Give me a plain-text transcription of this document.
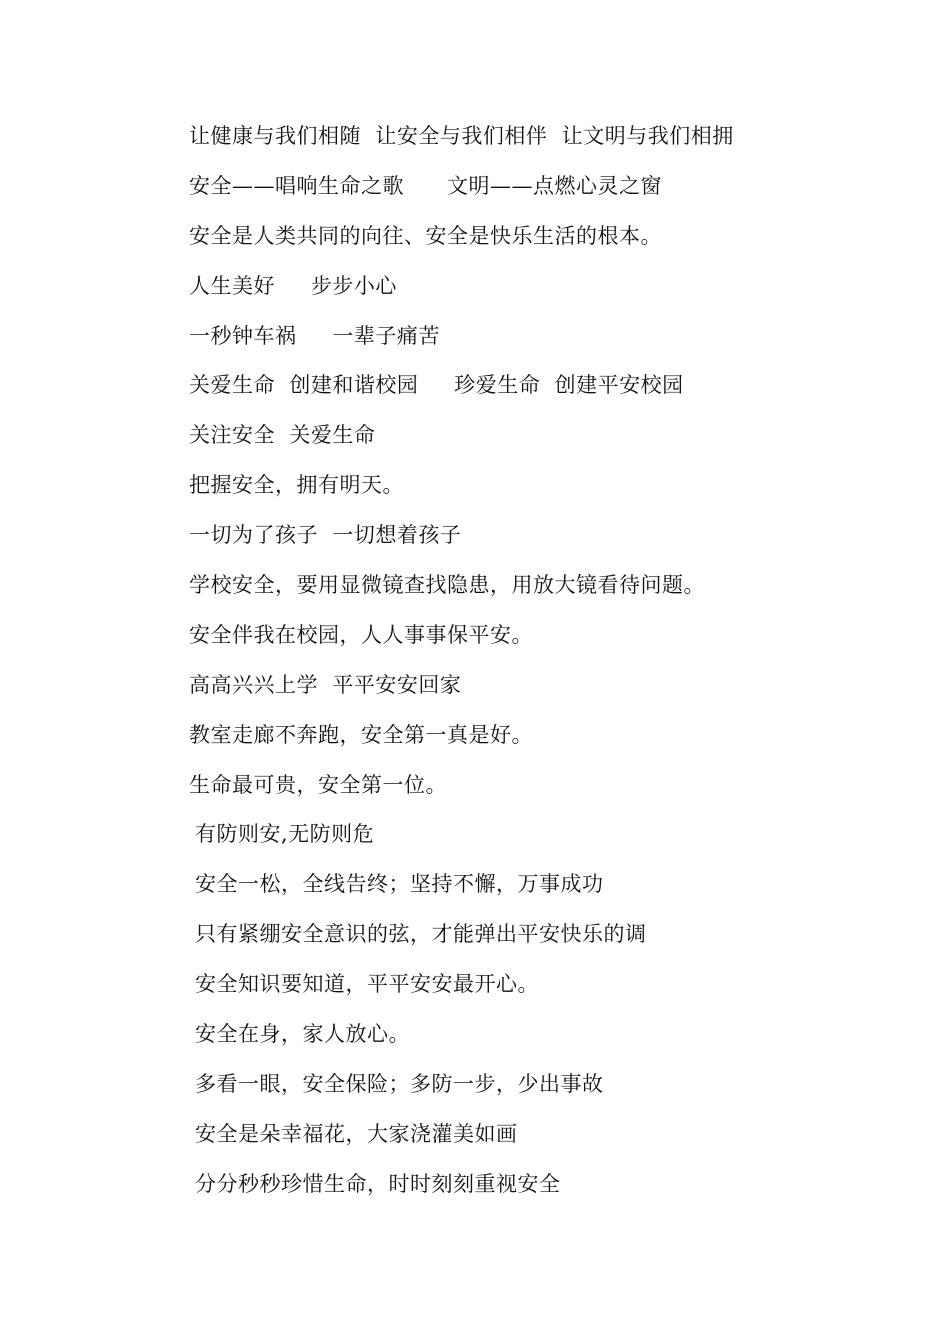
让健康与我们相随  让安全与我们相伴  让文明与我们相拥
安全——唱响生命之歌      文明——点燃心灵之窗
安全是人类共同的向往、安全是快乐生活的根本。
人生美好     步步小心
一秒钟车祸     一辈子痛苦
关爱生命  创建和谐校园     珍爱生命  创建平安校园
关注安全  关爱生命
把握安全，拥有明天。
一切为了孩子  一切想着孩子
学校安全，要用显微镜查找隐患，用放大镜看待问题。
安全伴我在校园，人人事事保平安。
高高兴兴上学  平平安安回家
教室走廊不奔跑，安全第一真是好。
生命最可贵，安全第一位。
有防则安,无防则危
安全一松，全线告终；坚持不懈，万事成功
只有紧绷安全意识的弦，才能弹出平安快乐的调
安全知识要知道，平平安安最开心。
安全在身，家人放心。
多看一眼，安全保险；多防一步，少出事故
安全是朵幸福花，大家浇灌美如画
分分秒秒珍惜生命，时时刻刻重视安全
